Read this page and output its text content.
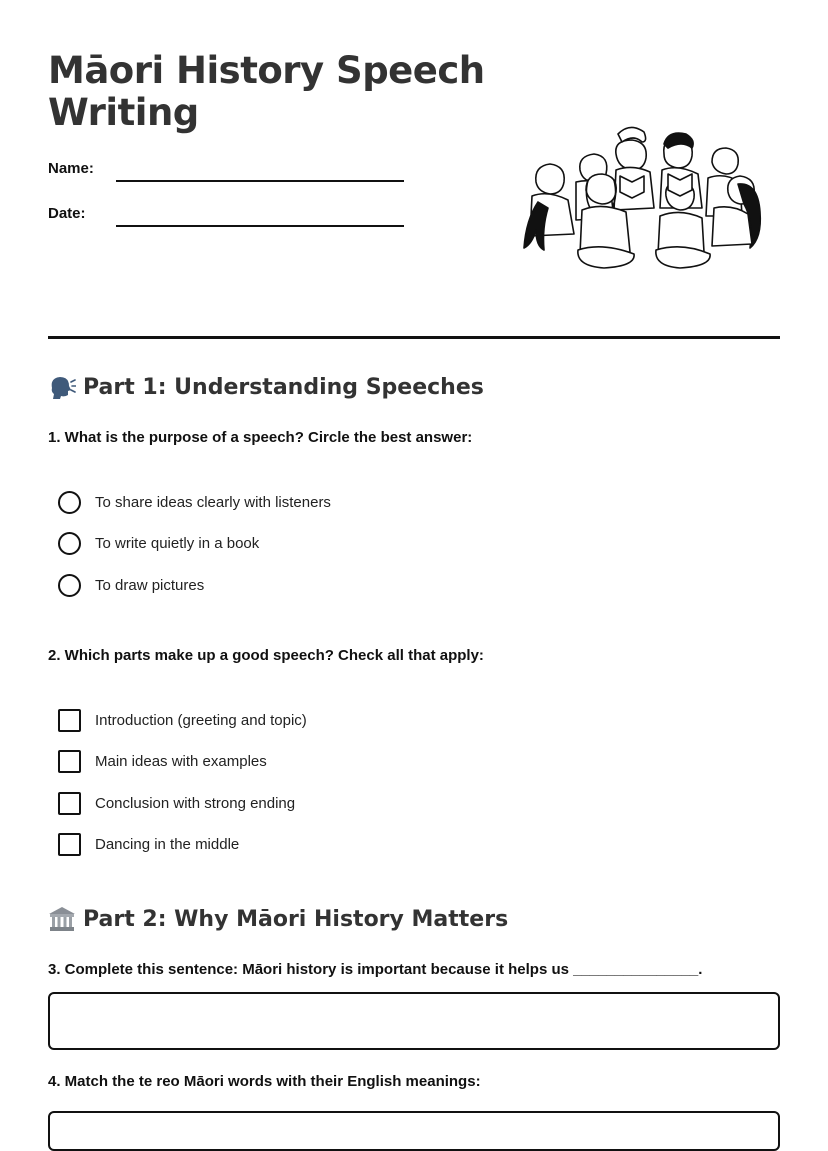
Māori History Speech Writing
Name:
Date:
Part 1: Understanding Speeches
1. What is the purpose of a speech? Circle the best answer:
To share ideas clearly with listeners
To write quietly in a book
To draw pictures
2. Which parts make up a good speech? Check all that apply:
Introduction (greeting and topic)
Main ideas with examples
Conclusion with strong ending
Dancing in the middle
Part 2: Why Māori History Matters
3. Complete this sentence: Māori history is important because it helps us _______________.
4. Match the te reo Māori words with their English meanings:
